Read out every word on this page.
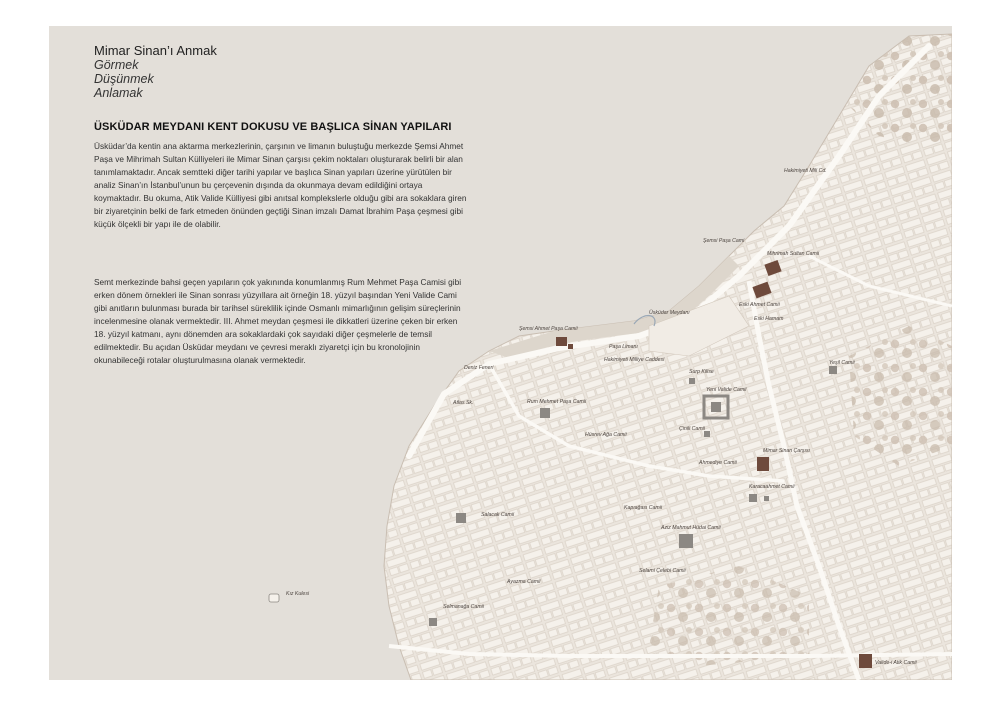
Mimar Sinan’ı Anmak
Görmek
Düşünmek
Anlamak
ÜSKÜDAR MEYDANI KENT DOKUSU VE BAŞLICA SİNAN YAPILARI

Üsküdar’da kentin ana aktarma merkezlerinin, çarşının ve limanın buluştuğu merkezde Şemsi Ahmet Paşa ve Mihrimah Sultan Külliyeleri ile Mimar Sinan çarşısı çekim noktaları oluşturarak belirli bir alan tanımlamaktadır. Ancak semtteki diğer tarihi yapılar ve başlıca Sinan yapıları üzerine yürütülen bir analiz Sinan’ın İstanbul’unun bu çerçevenin dışında da okunmaya devam edildiğini ortaya koymaktadır. Bu okuma, Atik Valide Külliyesi gibi anıtsal komplekslerle olduğu gibi ara sokaklara giren bir ziyaretçinin belki de fark etmeden önünden geçtiği Sinan imzalı Damat İbrahim Paşa çeşmesi gibi küçük ölçekli bir yapı ile de olabilir.

Semt merkezinde bahsi geçen yapıların çok yakınında konumlanmış Rum Mehmet Paşa Camisi gibi erken dönem örnekleri ile Sinan sonrası yüzyıllara ait örneğin 18. yüzyıl başından Yeni Valide Cami gibi anıtların bulunması burada bir tarihsel süreklilik içinde Osmanlı mimarlığının gelişim süreçlerinin incelenmesine olanak vermektedir. III. Ahmet meydan çeşmesi ile dikkatleri üzerine çeken bir erken 18. yüzyıl katmanı, aynı dönemden ara sokaklardaki çok sayıdaki diğer çeşmelerle de temsil edilmektedir. Bu açıdan Üsküdar meydanı ve çevresi meraklı ziyaretçi için bu kronolojinin okunabileceği rotalar oluşturulmasına olanak vermektedir.

Hakimiyeti Mili Cd.
Mihrimah Sultan Camii
Eski Ahmet Camii
Üsküdar Meydanı
Şemsi Ahmet Paşa Camii
Deniz Feneri
Hakimiyeti Milliye Caddesi
Atlas Sk.	Rum Mehmet Paşa Camii
Surp Kilise
Yeni Valide Camii
Hüsrev Ağa Camii
Çinili Camii
Mimar Sinan Çarşısı
Ahmediye Camii
Karacaahmet Camii
Kapıağası Camii
Aziz Mahmut Hüdai Camii
Salacak Camii
Ayazma Camii
Selami Çelebi Camii
Kız Kulesi
Selmanağa Camii
Valide-i Atik Camii
Yeşil Camii
Şemsi Paşa Cami
Eski Hamam
Paşa Limanı
